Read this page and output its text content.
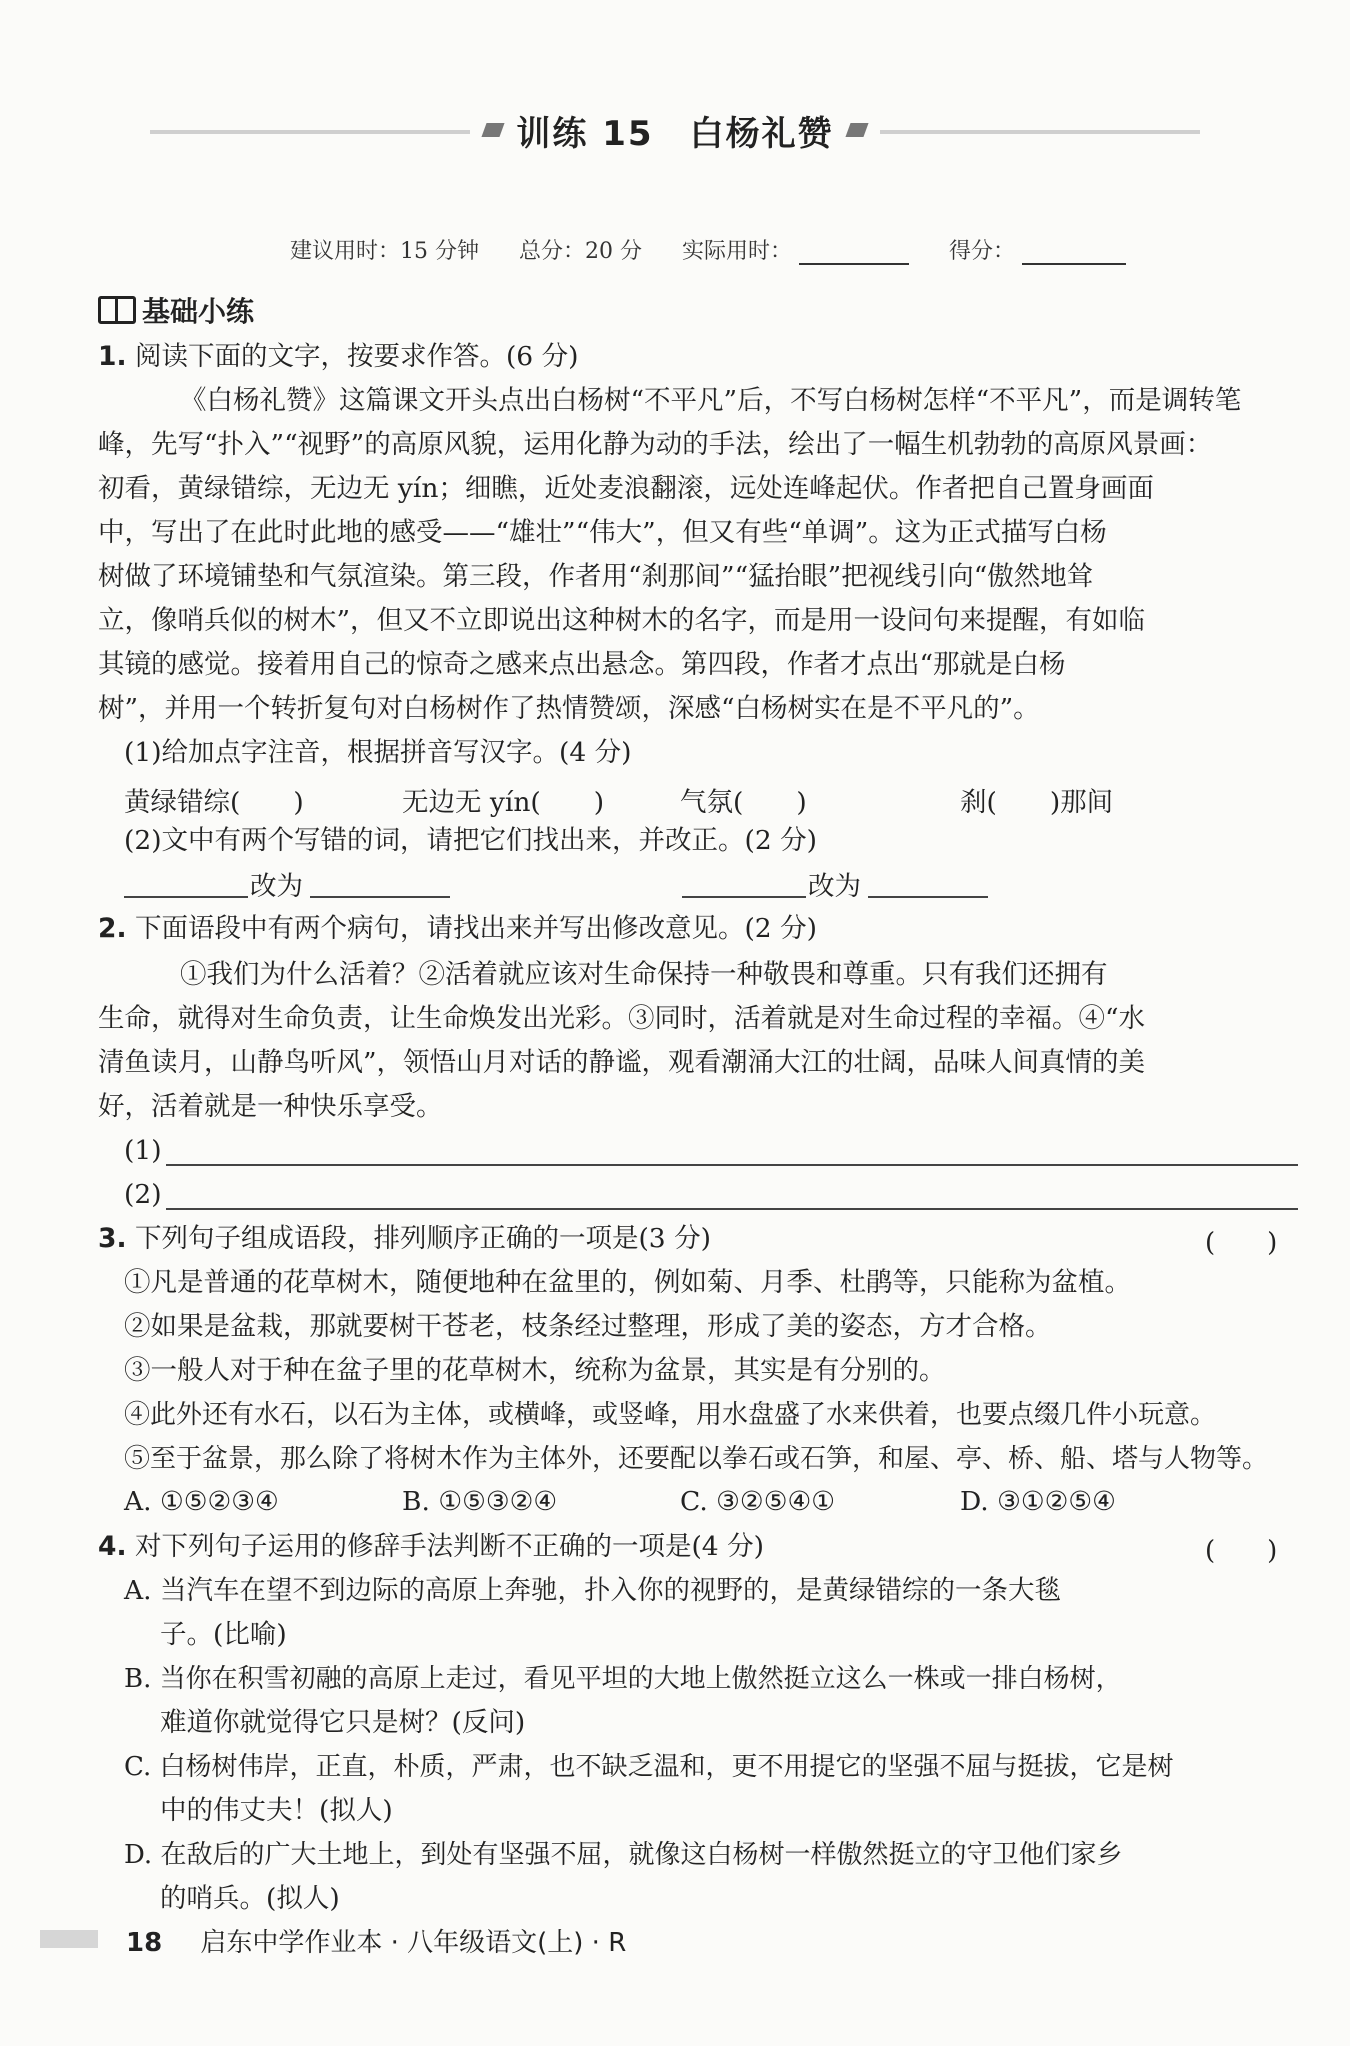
训练 15　白杨礼赞
建议用时：15 分钟 总分：20 分 实际用时：	得分：
基础小练
1. 阅读下面的文字，按要求作答。(6 分)
《白杨礼赞》这篇课文开头点出白杨树“不平凡”后，不写白杨树怎样“不平凡”，而是调转笔
峰，先写“扑入”“视野”的高原风貌，运用化静为动的手法，绘出了一幅生机勃勃的高原风景画：
初看，黄绿错综，无边无 yín；细瞧，近处麦浪翻滚，远处连峰起伏。作者把自己置身画面
中，写出了在此时此地的感受——“雄壮”“伟大”，但又有些“单调”。这为正式描写白杨
树做了环境铺垫和气氛渲染。第三段，作者用“刹那间”“猛抬眼”把视线引向“傲然地耸
立，像哨兵似的树木”，但又不立即说出这种树木的名字，而是用一设问句来提醒，有如临
其镜的感觉。接着用自己的惊奇之感来点出悬念。第四段，作者才点出“那就是白杨
树”，并用一个转折复句对白杨树作了热情赞颂，深感“白杨树实在是不平凡的”。
(1)给加点字注音，根据拼音写汉字。(4 分)
黄绿错综(　　)	无边无 yín(　　)	气氛(　　)	刹(　　)那间
(2)文中有两个写错的词，请把它们找出来，并改正。(2 分)
改为	改为
2. 下面语段中有两个病句，请找出来并写出修改意见。(2 分)
①我们为什么活着？②活着就应该对生命保持一种敬畏和尊重。只有我们还拥有
生命，就得对生命负责，让生命焕发出光彩。③同时，活着就是对生命过程的幸福。④“水
清鱼读月，山静鸟听风”，领悟山月对话的静谧，观看潮涌大江的壮阔，品味人间真情的美
好，活着就是一种快乐享受。
(1)
(2)
3. 下列句子组成语段，排列顺序正确的一项是(3 分)	(　　)
①凡是普通的花草树木，随便地种在盆里的，例如菊、月季、杜鹃等，只能称为盆植。
②如果是盆栽，那就要树干苍老，枝条经过整理，形成了美的姿态，方才合格。
③一般人对于种在盆子里的花草树木，统称为盆景，其实是有分别的。
④此外还有水石，以石为主体，或横峰，或竖峰，用水盘盛了水来供着，也要点缀几件小玩意。
⑤至于盆景，那么除了将树木作为主体外，还要配以拳石或石笋，和屋、亭、桥、船、塔与人物等。
A. ①⑤②③④	B. ①⑤③②④	C. ③②⑤④①	D. ③①②⑤④
4. 对下列句子运用的修辞手法判断不正确的一项是(4 分)	(　　)
A. 当汽车在望不到边际的高原上奔驰，扑入你的视野的，是黄绿错综的一条大毯
子。(比喻)
B. 当你在积雪初融的高原上走过，看见平坦的大地上傲然挺立这么一株或一排白杨树，
难道你就觉得它只是树？(反问)
C. 白杨树伟岸，正直，朴质，严肃，也不缺乏温和，更不用提它的坚强不屈与挺拔，它是树
中的伟丈夫！(拟人)
D. 在敌后的广大土地上，到处有坚强不屈，就像这白杨树一样傲然挺立的守卫他们家乡
的哨兵。(拟人)
18 启东中学作业本 · 八年级语文(上) · R
